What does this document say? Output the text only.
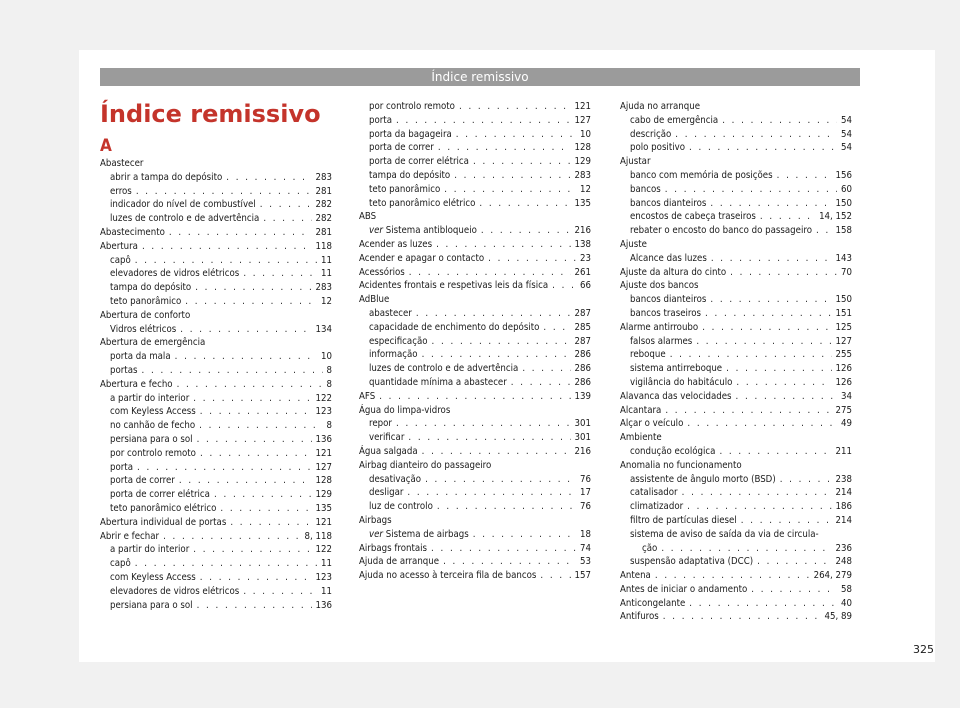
Índice remissivo
Índice remissivo
A
Abastecer
abrir a tampa do depósito . . .	283
erros . . .	281
indicador do nível de combustível . . .	282
luzes de controlo e de advertência . . .	282
Abastecimento . . .	281
Abertura . . .	118
capô . . .	11
elevadores de vidros elétricos . . .	11
tampa do depósito . . .	283
teto panorâmico . . .	12
Abertura de conforto
Vidros elétricos . . .	134
Abertura de emergência
porta da mala . . .	10
portas . . .	8
Abertura e fecho . . .	8
a partir do interior . . .	122
com Keyless Access . . .	123
no canhão de fecho . . .	8
persiana para o sol . . .	136
por controlo remoto . . .	121
porta . . .	127
porta de correr . . .	128
porta de correr elétrica . . .	129
teto panorâmico elétrico . . .	135
Abertura individual de portas . . .	121
Abrir e fechar . . .	8, 118
a partir do interior . . .	122
capô . . .	11
com Keyless Access . . .	123
elevadores de vidros elétricos . . .	11
persiana para o sol . . .	136
por controlo remoto . . .	121
porta . . .	127
porta da bagageira . . .	10
porta de correr . . .	128
porta de correr elétrica . . .	129
tampa do depósito . . .	283
teto panorâmico . . .	12
teto panorâmico elétrico . . .	135
ABS
ver Sistema antibloqueio . . .	216
Acender as luzes . . .	138
Acender e apagar o contacto . . .	23
Acessórios . . .	261
Acidentes frontais e respetivas leis da física . . .	66
AdBlue
abastecer . . .	287
capacidade de enchimento do depósito . . .	285
especificação . . .	287
informação . . .	286
luzes de controlo e de advertência . . .	286
quantidade mínima a abastecer . . .	286
AFS . . .	139
Água do limpa-vidros
repor . . .	301
verificar . . .	301
Água salgada . . .	216
Airbag dianteiro do passageiro
desativação . . .	76
desligar . . .	17
luz de controlo . . .	76
Airbags
ver Sistema de airbags . . .	18
Airbags frontais . . .	74
Ajuda de arranque . . .	53
Ajuda no acesso à terceira fila de bancos . . .	157
Ajuda no arranque
cabo de emergência . . .	54
descrição . . .	54
polo positivo . . .	54
Ajustar
banco com memória de posições . . .	156
bancos . . .	60
bancos dianteiros . . .	150
encostos de cabeça traseiros . . .	14, 152
rebater o encosto do banco do passageiro . . . 158
Ajuste
Alcance das luzes . . .	143
Ajuste da altura do cinto . . .	70
Ajuste dos bancos
bancos dianteiros . . .	150
bancos traseiros . . .	151
Alarme antirroubo . . .	125
falsos alarmes . . .	127
reboque . . .	255
sistema antirreboque . . .	126
vigilância do habitáculo . . .	126
Alavanca das velocidades . . .	34
Alcantara . . .	275
Alçar o veículo . . .	49
Ambiente
condução ecológica . . .	211
Anomalia no funcionamento
assistente de ângulo morto (BSD) . . .	238
catalisador . . .	214
climatizador . . .	186
filtro de partículas diesel . . .	214
sistema de aviso de saída da via de circula-
ção . . .	236
suspensão adaptativa (DCC) . . .	248
Antena . . .	264, 279
Antes de iniciar o andamento . . .	58
Anticongelante . . .	40
Antifuros . . .	45, 89
325
